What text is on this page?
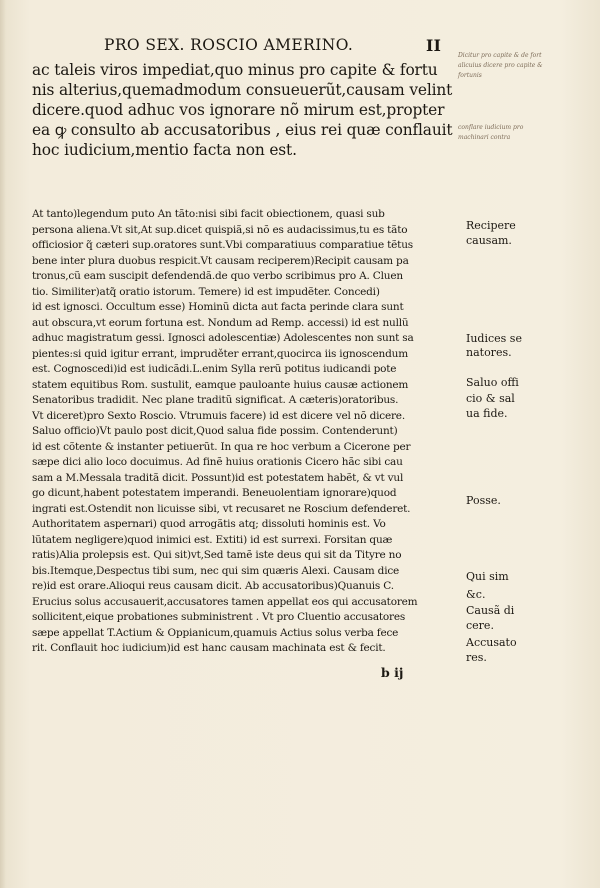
PRO SEX. ROSCIO AMERINO.	II
ac taleis viros impediat,quo minus pro capite & fortu
nis alterius,quemadmodum consueuerũt,causam velint
dicere.quod adhuc vos ignorare nõ mirum est,propter
ea ꝙ consulto ab accusatoribus , eius rei quæ conflauit
hoc iudicium,mentio facta non est.
Dicitur pro capite & de fort
alicuius dicere pro capite &
fortunis
conflare iudicium pro
machinari contra
At tanto)legendum puto An tãto:nisi sibi facit obiectionem, quasi sub
persona aliena.Vt sit,At sup.dicet quispiã,si nõ es audacissimus,tu es tãto
officiosior q̃ cæteri sup.oratores sunt.Vbi comparatiuus comparatiue tẽtus
bene inter plura duobus respicit.Vt causam reciperem)Recipit causam pa
tronus,cũ eam suscipit defendendã.de quo verbo scribimus pro A. Cluen
tio. Similiter)atq̃ oratio istorum. Temere) id est impudẽter. Concedi)
id est ignosci. Occultum esse) Hominũ dicta aut facta perinde clara sunt
aut obscura,vt eorum fortuna est. Nondum ad Remp. accessi) id est nullũ
adhuc magistratum gessi. Ignosci adolescentiæ) Adolescentes non sunt sa
pientes:si quid igitur errant, impruděter errant,quocirca iis ignoscendum
est. Cognoscedi)id est iudicãdi.L.enim Sylla rerũ potitus iudicandi pote
statem equitibus Rom. sustulit, eamque pauloante huius causæ actionem
Senatoribus tradidit. Nec plane traditũ significat. A cæteris)oratoribus.
Vt diceret)pro Sexto Roscio. Vtrumuis facere) id est dicere vel nõ dicere.
Saluo officio)Vt paulo post dicit,Quod salua fide possim. Contenderunt)
id est cõtente & instanter petiuerũt. In qua re hoc verbum a Cicerone per
sæpe dici alio loco docuimus. Ad finẽ huius orationis Cicero hãc sibi cau
sam a M.Messala traditã dicit. Possunt)id est potestatem habẽt, & vt vul
go dicunt,habent potestatem imperandi. Beneuolentiam ignorare)quod
ingrati est.Ostendit non licuisse sibi, vt recusaret ne Roscium defenderet.
Authoritatem aspernari) quod arrogãtis atq; dissoluti hominis est. Vo
lũtatem negligere)quod inimici est. Extiti) id est surrexi. Forsitan quæ
ratis)Alia prolepsis est. Qui sit)vt,Sed tamẽ iste deus qui sit da Tityre no
bis.Itemque,Despectus tibi sum, nec qui sim quæris Alexi. Causam dice
re)id est orare.Alioqui reus causam dicit. Ab accusatoribus)Quanuis C.
Erucius solus accusauerit,accusatores tamen appellat eos qui accusatorem
sollicitent,eique probationes subministrent . Vt pro Cluentio accusatores
sæpe appellat T.Actium & Oppianicum,quamuis Actius solus verba fece
rit. Conflauit hoc iudicium)id est hanc causam machinata est & fecit.
Recipere
causam.
Iudices se
natores.
Saluo offi
cio & sal
ua fide.
Posse.
Qui sim
&c.
Causã di
cere.
Accusato
res.
b ij
